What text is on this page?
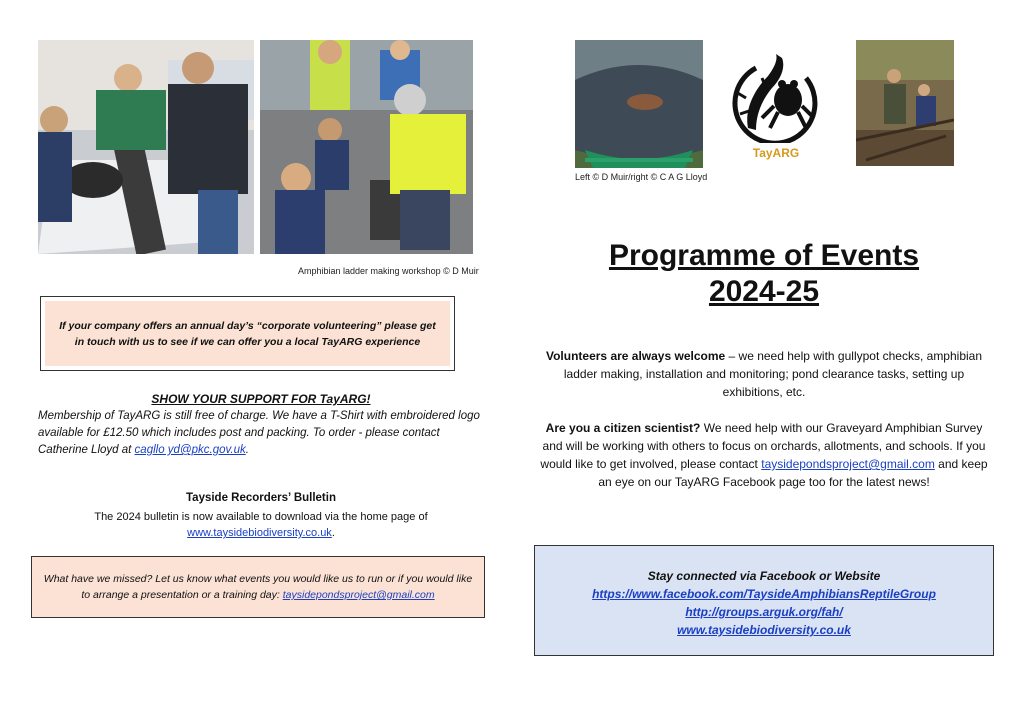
Amphibian ladder making workshop © D Muir
If your company offers an annual day’s “corporate volunteering” please get in touch with us to see if we can offer you a local TayARG experience
SHOW YOUR SUPPORT FOR TayARG!
Membership of TayARG is still free of charge. We have a T-Shirt with embroidered logo available for £12.50 which includes post and packing. To order - please contact Catherine Lloyd at cagllo yd@pkc.gov.uk.
Tayside Recorders’ Bulletin
The 2024 bulletin is now available to download via the home page of
www.taysidebiodiversity.co.uk.
What have we missed? Let us know what events you would like us to run or if you would like to arrange a presentation or a training day: taysidepondsproject@gmail.com
TayARG
Left © D Muir/right © C A G Lloyd
Programme of Events
2024-25
Volunteers are always welcome – we need help with gullypot checks, amphibian ladder making, installation and monitoring; pond clearance tasks, setting up exhibitions, etc.
Are you a citizen scientist? We need help with our Graveyard Amphibian Survey and will be working with others to focus on orchards, allotments, and schools. If you would like to get involved, please contact taysidepondsproject@gmail.com and keep an eye on our TayARG Facebook page too for the latest news!
Stay connected via Facebook or Website
https://www.facebook.com/TaysideAmphibiansReptileGroup
http://groups.arguk.org/fah/
www.taysidebiodiversity.co.uk
